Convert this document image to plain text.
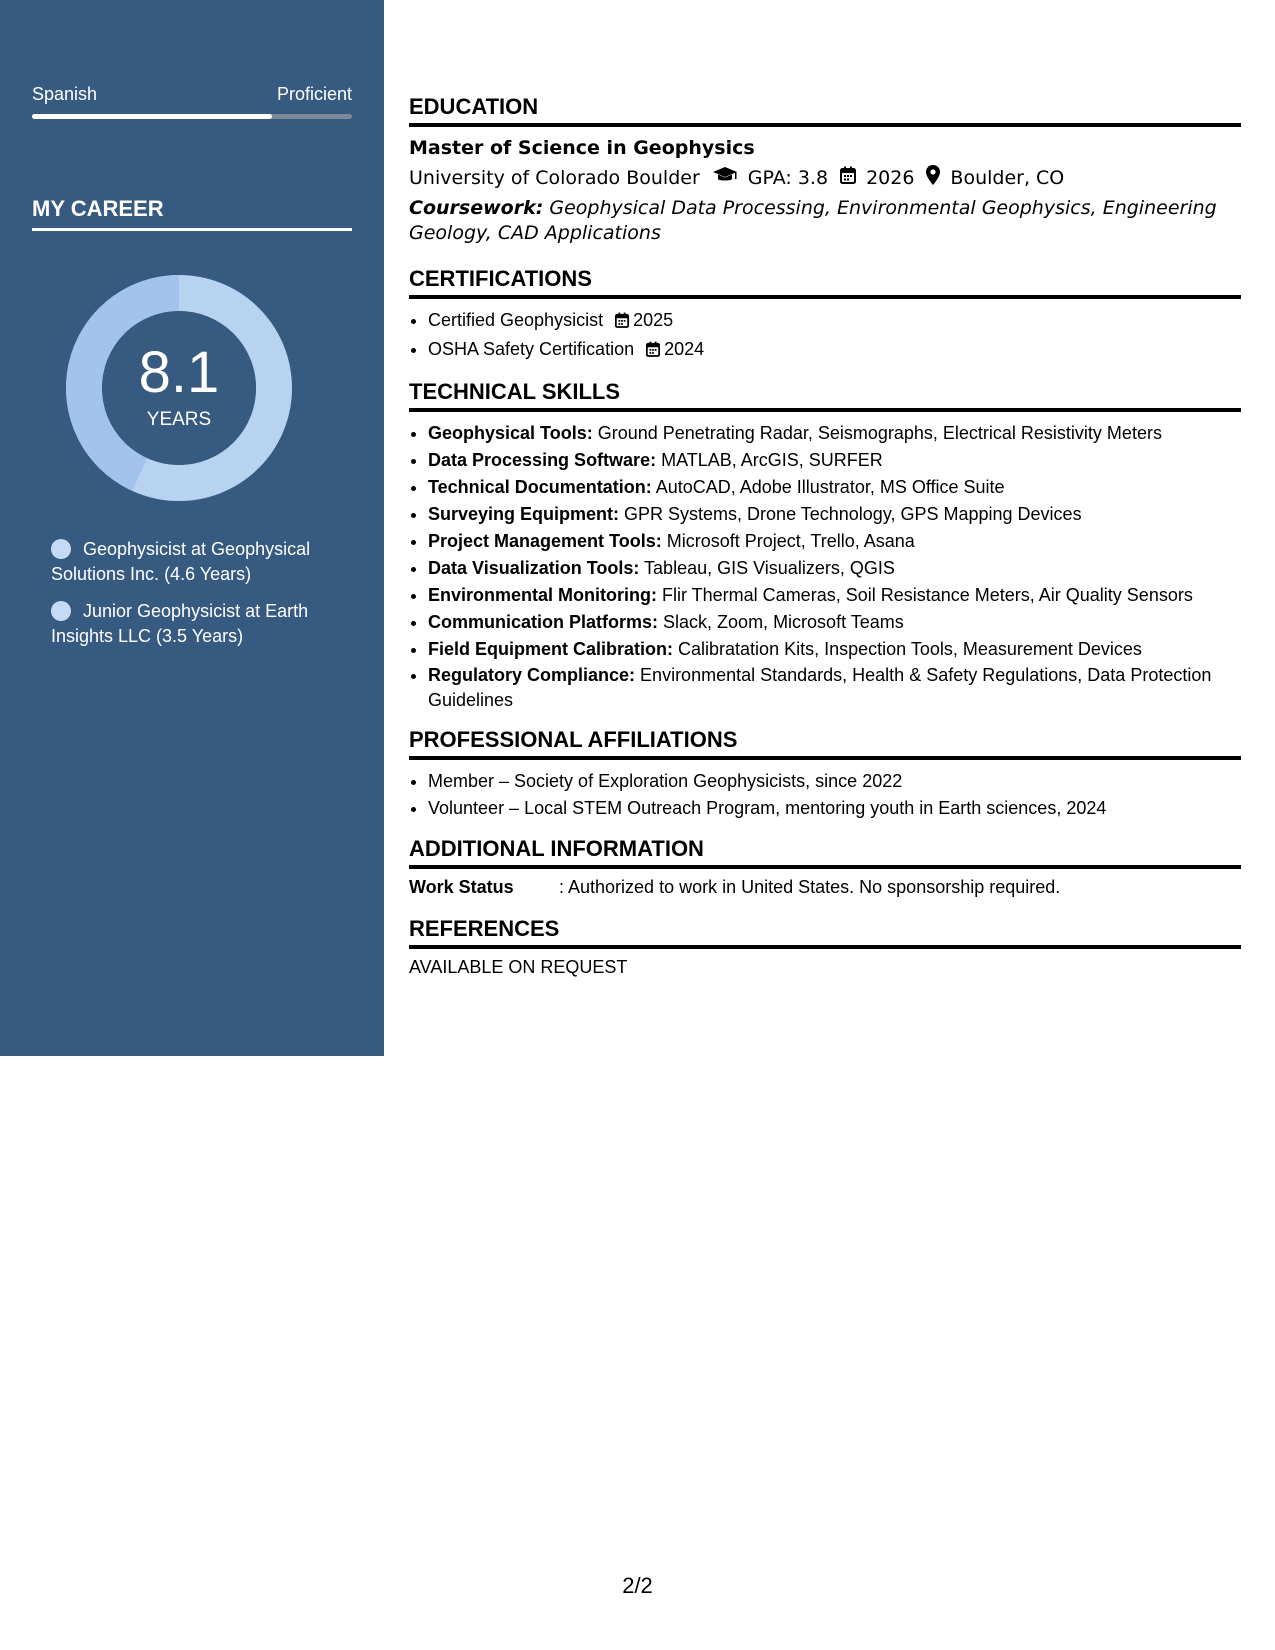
Spanish	Proficient
MY CAREER
8.1
YEARS
Geophysicist at Geophysical Solutions Inc. (4.6 Years)
Junior Geophysicist at Earth Insights LLC (3.5 Years)
EDUCATION
Master of Science in Geophysics
University of Colorado Boulder	GPA: 3.8 2026 Boulder, CO
Coursework: Geophysical Data Processing, Environmental Geophysics, Engineering Geology, CAD Applications
CERTIFICATIONS
• Certified Geophysicist 2025
• OSHA Safety Certification 2024
TECHNICAL SKILLS
• Geophysical Tools: Ground Penetrating Radar, Seismographs, Electrical Resistivity Meters
• Data Processing Software: MATLAB, ArcGIS, SURFER
• Technical Documentation: AutoCAD, Adobe Illustrator, MS Office Suite
• Surveying Equipment: GPR Systems, Drone Technology, GPS Mapping Devices
• Project Management Tools: Microsoft Project, Trello, Asana
• Data Visualization Tools: Tableau, GIS Visualizers, QGIS
• Environmental Monitoring: Flir Thermal Cameras, Soil Resistance Meters, Air Quality Sensors
• Communication Platforms: Slack, Zoom, Microsoft Teams
• Field Equipment Calibration: Calibratation Kits, Inspection Tools, Measurement Devices
• Regulatory Compliance: Environmental Standards, Health & Safety Regulations, Data Protection Guidelines
PROFESSIONAL AFFILIATIONS
• Member – Society of Exploration Geophysicists, since 2022
• Volunteer – Local STEM Outreach Program, mentoring youth in Earth sciences, 2024
ADDITIONAL INFORMATION
Work Status	: Authorized to work in United States. No sponsorship required.
REFERENCES
AVAILABLE ON REQUEST
2/2
